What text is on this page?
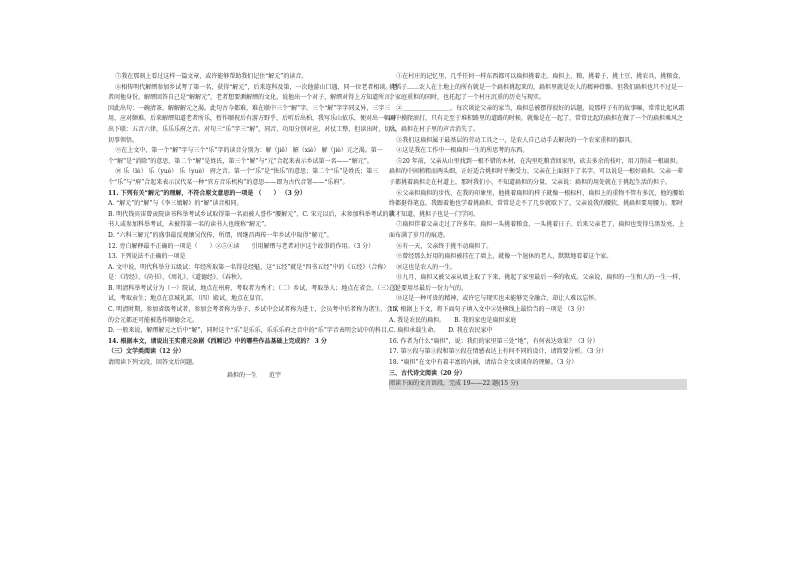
⑦我在那刻上看过这样一篇文章，或许能够帮助我们记住“解元”的读音。

⑧相传明代解缙参加乡试考了第一名，获得“解元”，后来连科及第，一次他游山口遇，同一位老者相谈。老者问他身份，解缙回答自己是“解解元”，老者想要测解缙的文化，说他出一个对子，解缙对得上方知道所言。因此出句：一碗清茶，解解解元之渴。此句古今都难，难在联中三个“解”字。三个“解”字字同义异，三字三用，应对颇难。后来解缙知道老者所乐，暂作顺祝后有游方野乎，后听后出柏，我写乐山依乐，便对出一幅对出下联：五音六律，乐乐乐府之音。对句三“乐”字三“解”，同音，功用分别对应，对仗工整，但读出时，切入切事领悟。

⑨在上文中，第一个“解”字与三个“乐”字的读音分别为：解（jiě） 解（xiè） 解（jiè）元之渴。第一个“解”是“消除”的意思，第二个“解”是姓氏，第三个“解”与“元”合起来表示乡试第一名——“解元”。

⑩ 乐（lè） 乐（yuè） 乐（yuè） 府之音。第一个“乐”是“快乐”的意思；第二个“乐”是姓氏；第三个“乐”与“府”合起来表示汉代某一种“官方音乐机构”的意思——即为古代音署——“乐府”。

11. 下列有关“解元”的理解，不符合原文意思的一项是 （　　） （3 分）

A. “解元”的“解”与《李三娘解》的“解”读音相同。

B. 明代钱宾宙曾贡院读书科举考试乡试取得第一名而被人誉作“腰解元”，C. 宋元以后，未参加科举考试的读书人或参加科举考试，未被得第一名的读书人也统称“解元”。

D. “六科三解元”的盛事最反观镶吴伐传，所谓，周继昌再传一年乡试中取得“解元”。

12. 旁白解释最不正确的一项是（　　）②⑤④读　　引用解缙与老者对序这个故事的作用。（3 分）

13. 下列说法不正确的一项是

A. 文中说，明代科举分五级试：年经所取第一名得是经魁，这“五经”就是“四书五经”中的《五经》（合称）是：《诗经》、《尚书》、《周礼》、《道德经》、《春秋》。

B. 明清科举考试分为（一）院试，地点在州府，考取者为秀才；（二）乡试，考取举人；地点在省会。（三）会试，考取贡生；地点在京城礼部，（四）殿试，地点在皇宫。

C. 明清时期，参加省级考试者，参加会考者称为举子，乡试中会试者称为进士，会员考中后者称为诸生，会试的会元都还可能被选作顺德会元。

D. 一般来说，解缙解元之后中“解”，同时这个“乐”是乐乐，乐乐乐府之音中的“乐”字音表明会试中的科目。

14. 根据本文，请说出王实甫元杂剧《西厢记》中的哪些作品基础上完成的？ 3 分

（三）文学类阅读（12 分）

请阅读下列文段，回答文后问题。

扁担的一生　　范宇

①在村庄的记忆里，几乎任何一样东西都可以扁担挑着走。扁担上、粮，挑着子，挑土豆，挑农具，挑粮食，挑稻子……农人在土地上的所有就是一个扁担挑起来的，扁担里就是农人的精神骨骼。但我们扁担也只不过是一个家庭重担的同时，也托起了一个村庄沉重的历史与现实。

②＿＿＿＿＿＿＿＿。每次谈论父亲的家当，扁担总被摆得很好的话题，说那样子有的故事嘛，常常比起风霜雨中摸爬滚打，只有走至于堆积路里的道路的时候，就像是在一起了，常常比起的扁担在做了一个的扁担乘风之后，扁担在村子里的声音消失了。

③我们这扁担属于最基层的劳动工具之一，是农人自己动手去解决的一个农家重担的器具。

④这是我在工作中一根扁担一生的所思考的东西。

⑤20 年前，父亲从山里找到一根不错的木材，在沟里吃粮背回家里，砍去多余的枝叶，用刀削成一根扁担。扁担的中间稍粗而两头细，正好适合挑担时平衡受力，父亲在上面刻下了名字，可以说是一根好扁担。父亲一辈子都挑着扁担走在村道上，那时我们小，不知道扁担的分量，父亲说：扁担的用处就在于挑起生活的担子。

⑥父亲担扁担的步伐，在我的印象里，他挑着扁担的样子就像一根标杆，扁担上的重物不管有多沉，他的腰始终都挺得笔直。我跟着他也学着挑扁担，常常是走不了几步就歇下了，父亲说我的腰软，挑扁担要用腰力。那时我才知道，挑担子也是一门学问。

⑦扁担伴着父亲走过了许多年。扁担一头挑着粮食，一头挑着日子。后来父亲老了，扁担也变得乌黑发亮，上面布满了岁月的痕迹。

⑧有一天，父亲终于挑不动扁担了。

⑨曾经那么好用的扁担被挂在了墙上，就像一个退休的老人，默默地看着这个家。

⑩这也是农人的一生。

⑪九月，扁担又被父亲从墙上取了下来，挑起了家里最后一季的收成。父亲说，扁担的一生和人的一生一样，总是要用尽最后一份力气的。

⑫这是一种可贵的精神，或许它与现实也未能够完全融合，却让人难以忘怀。

15. 根据上下文，将下面句子填入文中②处横线上最恰当的一项是 （3 分）

A. 我是农民的扁担。　　B. 我的家也是扁担家庭

C. 扁担承载生命。　　D. 我在农民家中

16. 作者为什么“扁担”，说：我们的家里第三处“地”，有何表达效果？（3 分）

17. 第⑨段与第③段和第⑨段在情感表达上有何不同的设计，请简要分析。（3 分）

18. “扁担”在文中有着丰富的内涵，请结合全文谈谈你的理解。（3 分）

三、古代诗文阅读（20 分）

阅读下面的文言语段，完成 19——22 题(15 分)
